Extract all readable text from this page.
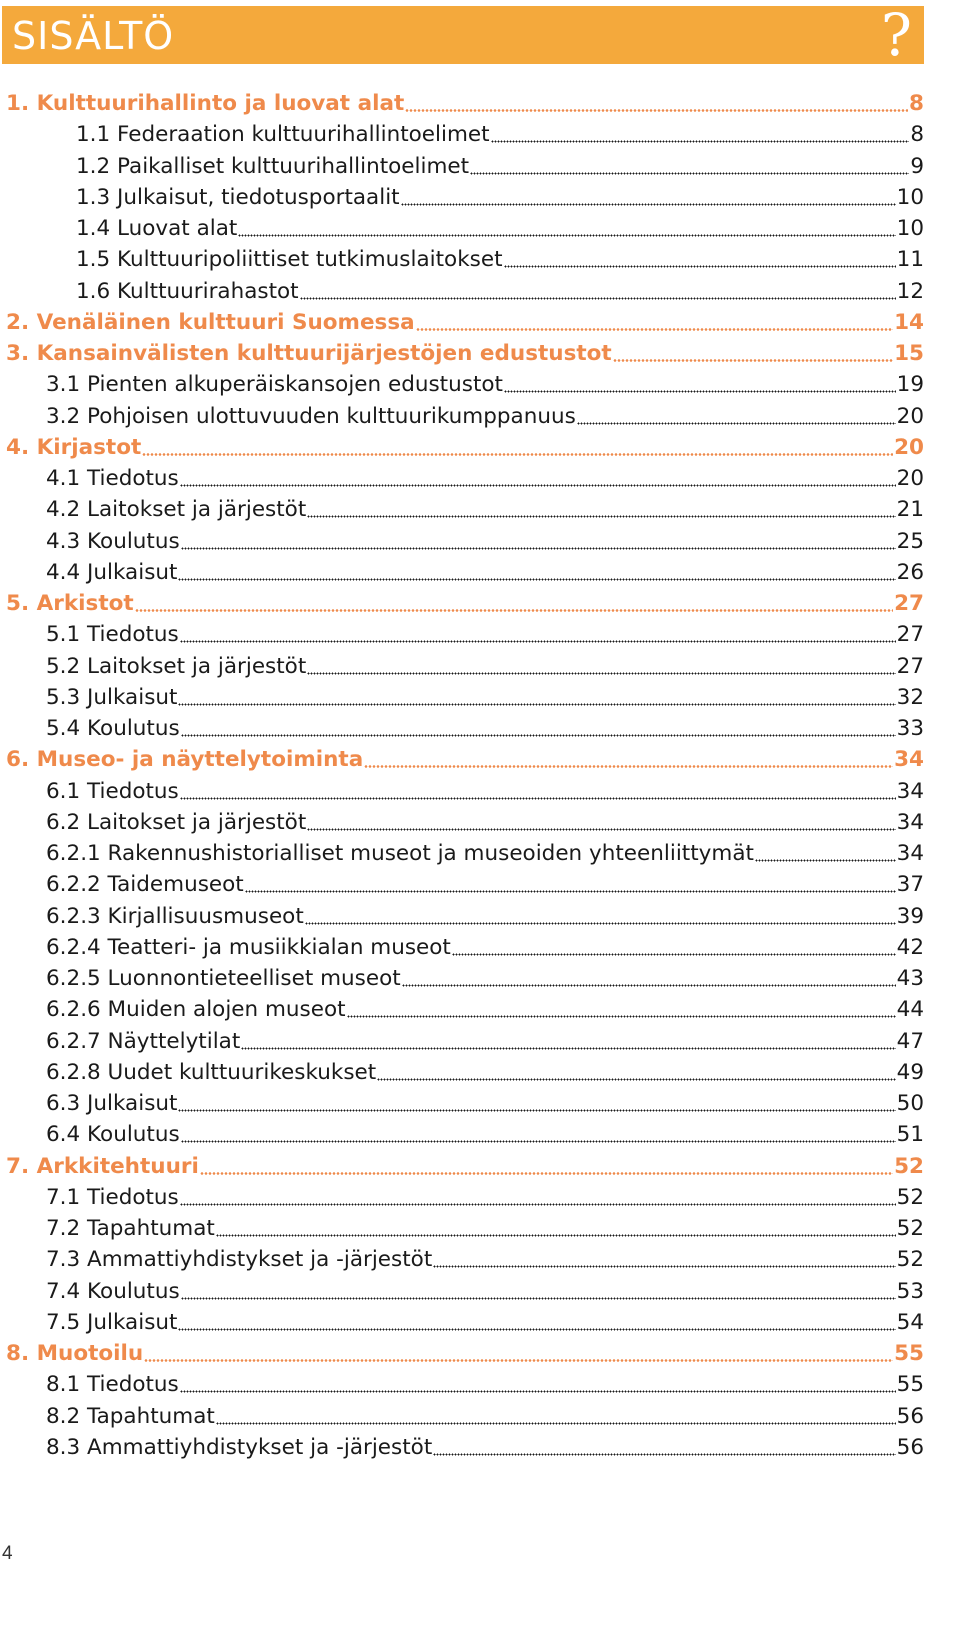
SISÄLTÖ	?
1. Kulttuurihallinto ja luovat alat	8
1.1 Federaation kulttuurihallintoelimet	8
1.2 Paikalliset kulttuurihallintoelimet	9
1.3 Julkaisut, tiedotusportaalit	10
1.4 Luovat alat	10
1.5 Kulttuuripoliittiset tutkimuslaitokset	11
1.6 Kulttuurirahastot	12
2. Venäläinen kulttuuri Suomessa	14
3. Kansainvälisten kulttuurijärjestöjen edustustot	15
3.1 Pienten alkuperäiskansojen edustustot	19
3.2 Pohjoisen ulottuvuuden kulttuurikumppanuus	20
4. Kirjastot	20
4.1 Tiedotus	20
4.2 Laitokset ja järjestöt	21
4.3 Koulutus	25
4.4 Julkaisut	26
5. Arkistot	27
5.1 Tiedotus	27
5.2 Laitokset ja järjestöt	27
5.3 Julkaisut	32
5.4 Koulutus	33
6. Museo- ja näyttelytoiminta	34
6.1 Tiedotus	34
6.2 Laitokset ja järjestöt	34
6.2.1 Rakennushistorialliset museot ja museoiden yhteenliittymät	34
6.2.2 Taidemuseot	37
6.2.3 Kirjallisuusmuseot	39
6.2.4 Teatteri- ja musiikkialan museot	42
6.2.5 Luonnontieteelliset museot	43
6.2.6 Muiden alojen museot	44
6.2.7 Näyttelytilat	47
6.2.8 Uudet kulttuurikeskukset	49
6.3 Julkaisut	50
6.4 Koulutus	51
7. Arkkitehtuuri	52
7.1 Tiedotus	52
7.2 Tapahtumat	52
7.3 Ammattiyhdistykset ja -järjestöt	52
7.4 Koulutus	53
7.5 Julkaisut	54
8. Muotoilu	55
8.1 Tiedotus	55
8.2 Tapahtumat	56
8.3 Ammattiyhdistykset ja -järjestöt	56
4
